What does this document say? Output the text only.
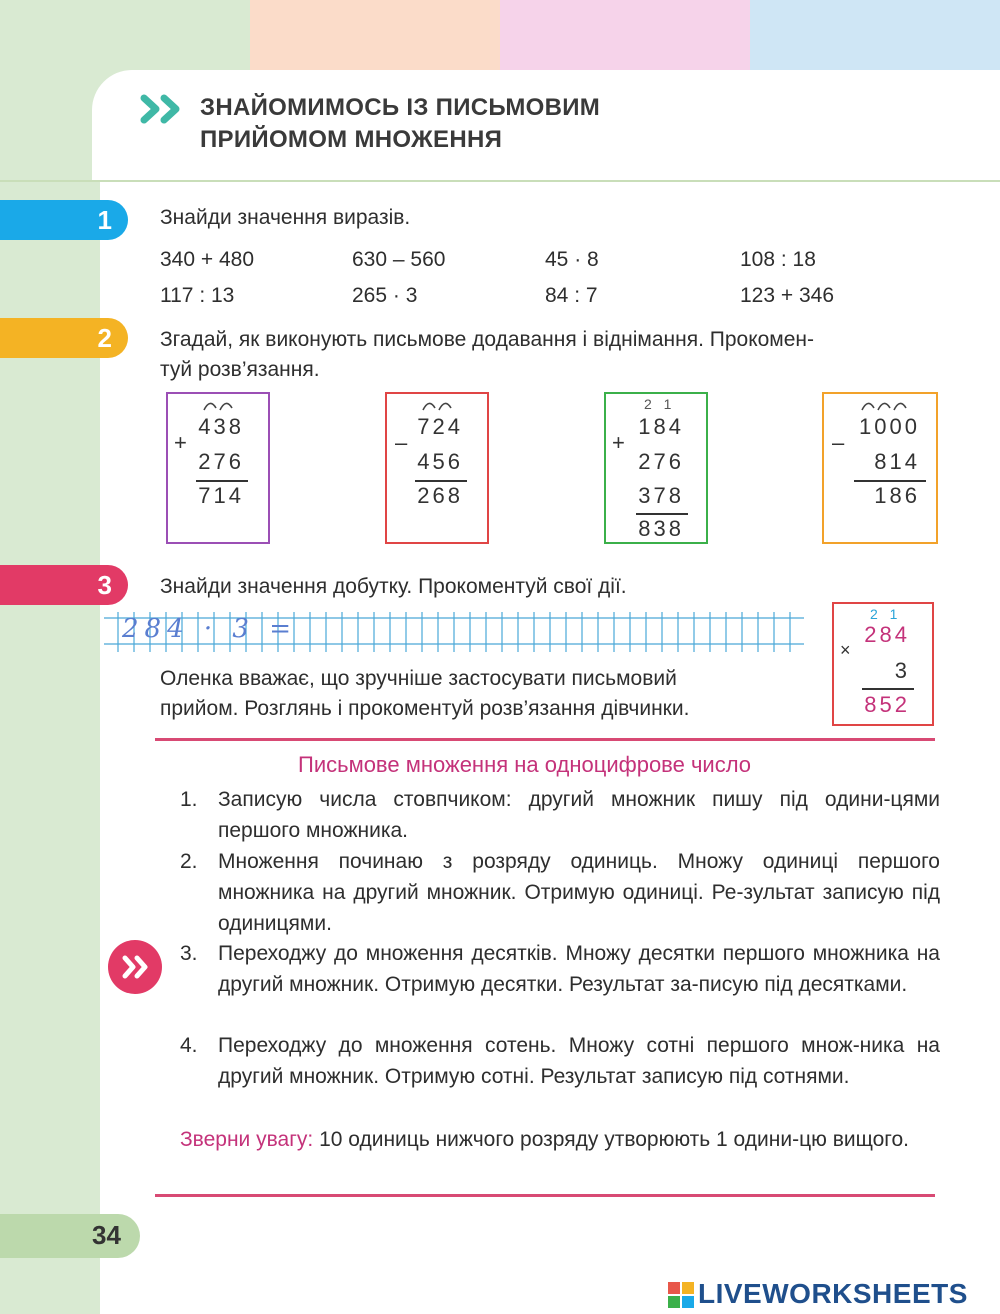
ЗНАЙОМИМОСЬ ІЗ ПИСЬМОВИМ
ПРИЙОМОМ МНОЖЕННЯ
1	Знайди значення виразів.
340 + 480	630 – 560	45 · 8	108 : 18
117 : 13	265 · 3	84 : 7	123 + 346
2	Згадай, як виконують письмове додавання і віднімання. Прокомен-
туй розв’язання.
+
438
276
714
–
724
456
268
2 1
+
184
276
378
838
–
1000
814
186
3	Знайди значення добутку. Прокоментуй свої дії.
284 · 3 =
Оленка вважає, що зручніше застосувати письмовий
прийом. Розглянь і прокоментуй розв’язання дівчинки.
2 1
284
×
3
852
Письмове множення на одноцифрове число
1. Записую числа стовпчиком: другий множник пишу під одини-цями першого множника.
2. Множення починаю з розряду одиниць. Множу одиниці першого множника на другий множник. Отримую одиниці. Ре-зультат записую під одиницями.
3. Переходжу до множення десятків. Множу десятки першого множника на другий множник. Отримую десятки. Результат за-писую під десятками.
4. Переходжу до множення сотень. Множу сотні першого множ-ника на другий множник. Отримую сотні. Результат записую під сотнями.
Зверни увагу: 10 одиниць нижчого розряду утворюють 1 одини-цю вищого.
34
LIVEWORKSHEETS
